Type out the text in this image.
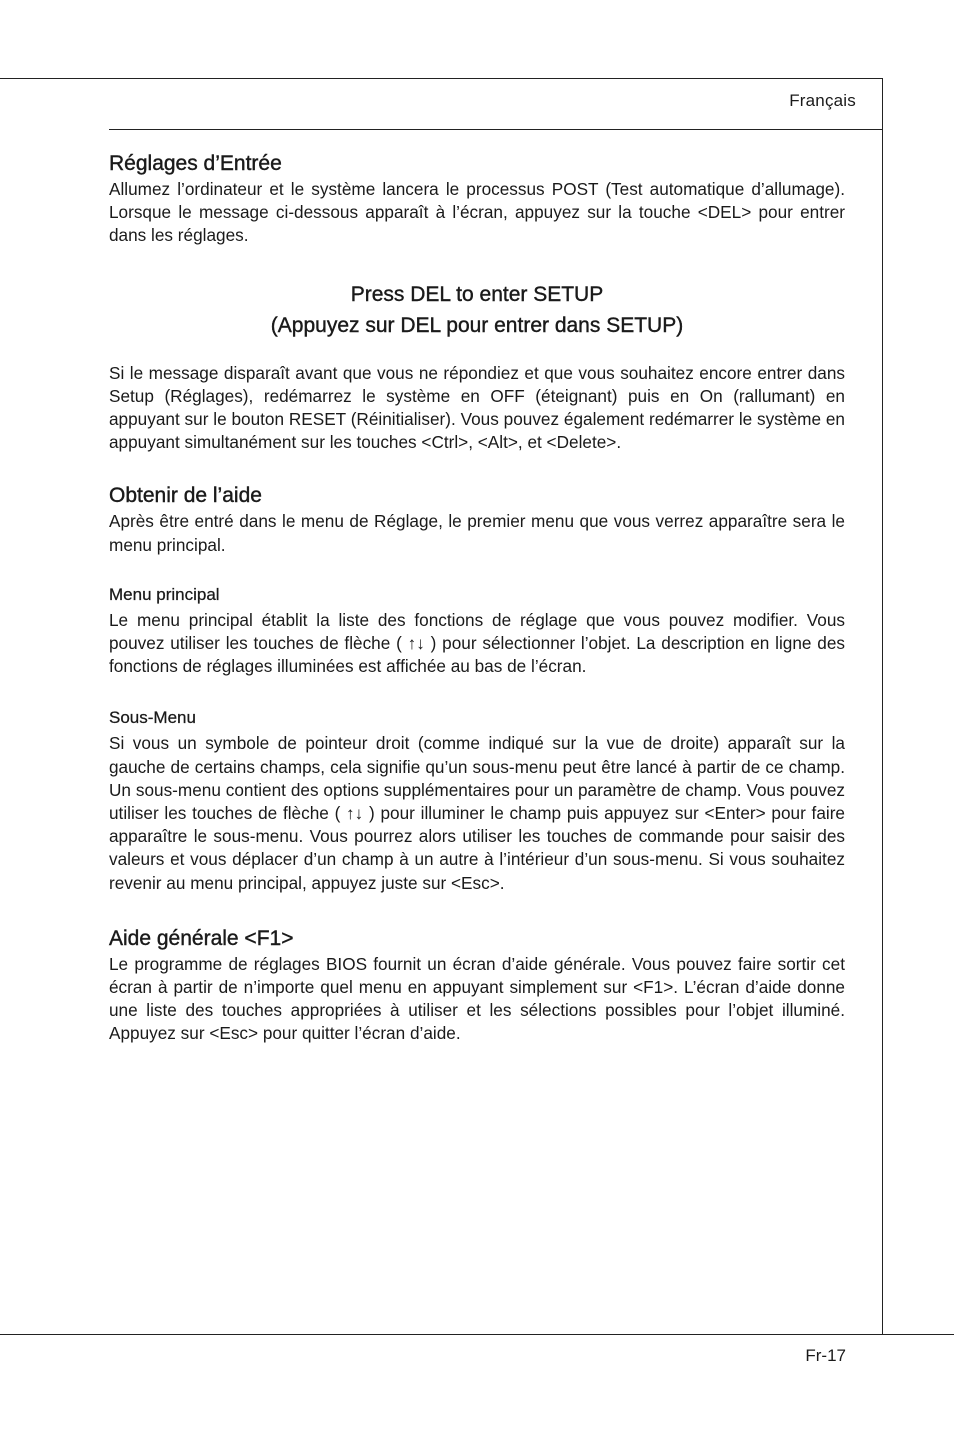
Français
Réglages d’Entrée

Allumez l’ordinateur et le système lancera le processus POST (Test automatique d’allumage). Lorsque le message ci-dessous apparaît à l’écran, appuyez sur la touche <DEL> pour entrer dans les réglages.

Press DEL to enter SETUP
(Appuyez sur DEL pour entrer dans SETUP)

Si le message disparaît avant que vous ne répondiez et que vous souhaitez encore entrer dans Setup (Réglages), redémarrez le système en OFF (éteignant) puis en On (rallumant) en appuyant sur le bouton RESET (Réinitialiser). Vous pouvez également redémarrer le système en appuyant simultanément sur les touches <Ctrl>, <Alt>, et <Delete>.

Obtenir de l’aide

Après être entré dans le menu de Réglage, le premier menu que vous verrez apparaître sera le menu principal.

Menu principal

Le menu principal établit la liste des fonctions de réglage que vous pouvez modifier. Vous pouvez utiliser les touches de flèche ( ↑↓ ) pour sélectionner l’objet. La description en ligne des fonctions de réglages illuminées est affichée au bas de l’écran.

Sous-Menu

Si vous un symbole de pointeur droit (comme indiqué sur la vue de droite) apparaît sur la gauche de certains champs, cela signifie qu’un sous-menu peut être lancé à partir de ce champ. Un sous-menu contient des options supplémentaires pour un paramètre de champ. Vous pouvez utiliser les touches de flèche ( ↑↓ ) pour illuminer le champ puis appuyez sur <Enter> pour faire apparaître le sous-menu. Vous pourrez alors utiliser les touches de commande pour saisir des valeurs et vous déplacer d’un champ à un autre à l’intérieur d’un sous-menu. Si vous souhaitez revenir au menu principal, appuyez juste sur <Esc>.

Aide générale <F1>

Le programme de réglages BIOS fournit un écran d’aide générale. Vous pouvez faire sortir cet écran à partir de n’importe quel menu en appuyant simplement sur <F1>. L’écran d’aide donne une liste des touches appropriées à utiliser et les sélections possibles pour l’objet illuminé. Appuyez sur <Esc> pour quitter l’écran d’aide.

Fr-17
